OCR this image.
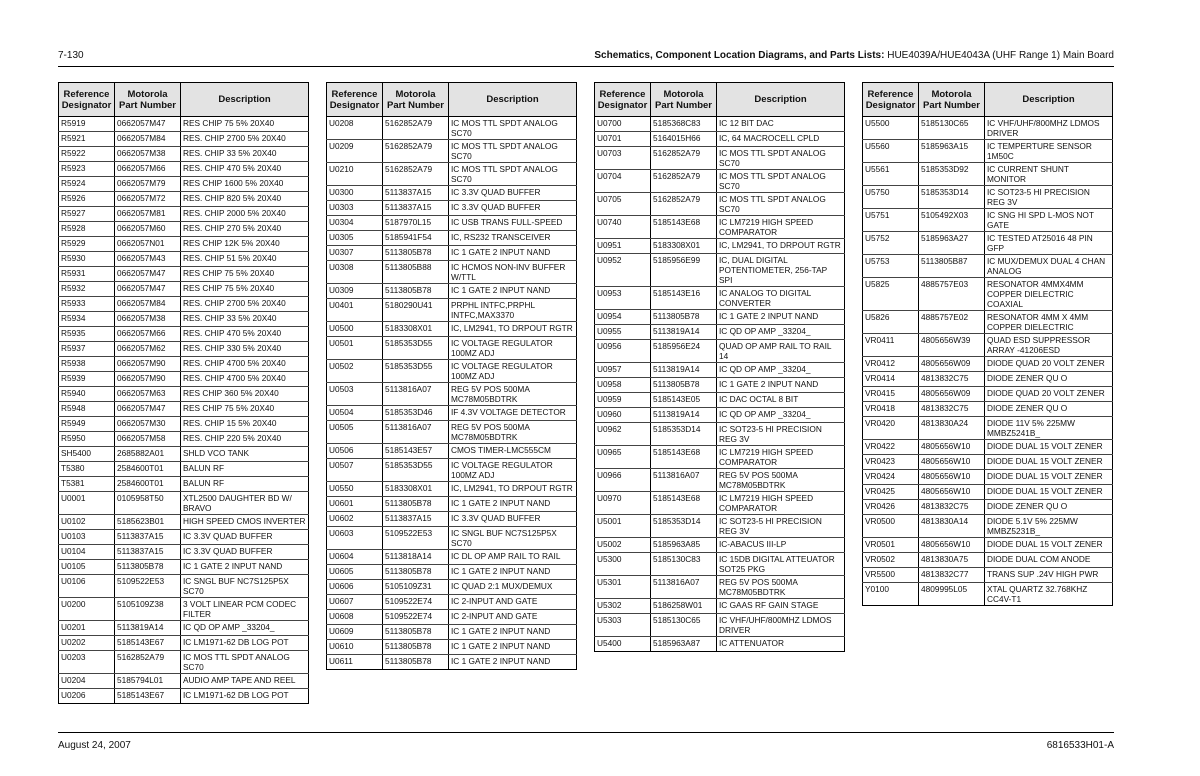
7-130	Schematics, Component Location Diagrams, and Parts Lists: HUE4039A/HUE4043A (UHF Range 1) Main Board
Reference
Designator	Motorola
Part Number	Description
R5919	0662057M47	RES CHIP 75 5% 20X40
R5921	0662057M84	RES. CHIP 2700 5% 20X40
R5922	0662057M38	RES. CHIP 33 5% 20X40
R5923	0662057M66	RES. CHIP 470 5% 20X40
R5924	0662057M79	RES CHIP 1600 5% 20X40
R5926	0662057M72	RES. CHIP 820 5% 20X40
R5927	0662057M81	RES. CHIP 2000 5% 20X40
R5928	0662057M60	RES. CHIP 270 5% 20X40
R5929	0662057N01	RES CHIP 12K 5% 20X40
R5930	0662057M43	RES. CHIP 51 5% 20X40
R5931	0662057M47	RES CHIP 75 5% 20X40
R5932	0662057M47	RES CHIP 75 5% 20X40
R5933	0662057M84	RES. CHIP 2700 5% 20X40
R5934	0662057M38	RES. CHIP 33 5% 20X40
R5935	0662057M66	RES. CHIP 470 5% 20X40
R5937	0662057M62	RES. CHIP 330 5% 20X40
R5938	0662057M90	RES. CHIP 4700 5% 20X40
R5939	0662057M90	RES. CHIP 4700 5% 20X40
R5940	0662057M63	RES CHIP 360 5% 20X40
R5948	0662057M47	RES CHIP 75 5% 20X40
R5949	0662057M30	RES. CHIP 15 5% 20X40
R5950	0662057M58	RES. CHIP 220 5% 20X40
SH5400	2685882A01	SHLD VCO TANK
T5380	2584600T01	BALUN RF
T5381	2584600T01	BALUN RF
U0001	0105958T50	XTL2500 DAUGHTER BD W/ BRAVO
U0102	5185623B01	HIGH SPEED CMOS INVERTER
U0103	5113837A15	IC 3.3V QUAD BUFFER
U0104	5113837A15	IC 3.3V QUAD BUFFER
U0105	5113805B78	IC 1 GATE 2 INPUT NAND
U0106	5109522E53	IC SNGL BUF NC7S125P5X SC70
U0200	5105109Z38	3 VOLT LINEAR PCM CODEC FILTER
U0201	5113819A14	IC QD OP AMP _33204_
U0202	5185143E67	IC LM1971-62 DB LOG POT
U0203	5162852A79	IC MOS TTL SPDT ANALOG SC70
U0204	5185794L01	AUDIO AMP TAPE AND REEL
U0206	5185143E67	IC LM1971-62 DB LOG POT
Reference
Designator	Motorola
Part Number	Description
U0208	5162852A79	IC MOS TTL SPDT ANALOG SC70
U0209	5162852A79	IC MOS TTL SPDT ANALOG SC70
U0210	5162852A79	IC MOS TTL SPDT ANALOG SC70
U0300	5113837A15	IC 3.3V QUAD BUFFER
U0303	5113837A15	IC 3.3V QUAD BUFFER
U0304	5187970L15	IC USB TRANS FULL-SPEED
U0305	5185941F54	IC, RS232 TRANSCEIVER
U0307	5113805B78	IC 1 GATE 2 INPUT NAND
U0308	5113805B88	IC HCMOS NON-INV BUFFER W/TTL
U0309	5113805B78	IC 1 GATE 2 INPUT NAND
U0401	5180290U41	PRPHL INTFC,PRPHL INTFC,MAX3370
U0500	5183308X01	IC, LM2941, TO DRPOUT RGTR
U0501	5185353D55	IC VOLTAGE REGULATOR 100MZ ADJ
U0502	5185353D55	IC VOLTAGE REGULATOR 100MZ ADJ
U0503	5113816A07	REG 5V POS 500MA MC78M05BDTRK
U0504	5185353D46	IF 4.3V VOLTAGE DETECTOR
U0505	5113816A07	REG 5V POS 500MA MC78M05BDTRK
U0506	5185143E57	CMOS TIMER-LMC555CM
U0507	5185353D55	IC VOLTAGE REGULATOR 100MZ ADJ
U0550	5183308X01	IC, LM2941, TO DRPOUT RGTR
U0601	5113805B78	IC 1 GATE 2 INPUT NAND
U0602	5113837A15	IC 3.3V QUAD BUFFER
U0603	5109522E53	IC SNGL BUF NC7S125P5X SC70
U0604	5113818A14	IC DL OP AMP RAIL TO RAIL
U0605	5113805B78	IC 1 GATE 2 INPUT NAND
U0606	5105109Z31	IC QUAD 2:1 MUX/DEMUX
U0607	5109522E74	IC 2-INPUT AND GATE
U0608	5109522E74	IC 2-INPUT AND GATE
U0609	5113805B78	IC 1 GATE 2 INPUT NAND
U0610	5113805B78	IC 1 GATE 2 INPUT NAND
U0611	5113805B78	IC 1 GATE 2 INPUT NAND
Reference
Designator	Motorola
Part Number	Description
U0700	5185368C83	IC 12 BIT DAC
U0701	5164015H66	IC, 64 MACROCELL CPLD
U0703	5162852A79	IC MOS TTL SPDT ANALOG SC70
U0704	5162852A79	IC MOS TTL SPDT ANALOG SC70
U0705	5162852A79	IC MOS TTL SPDT ANALOG SC70
U0740	5185143E68	IC LM7219 HIGH SPEED COMPARATOR
U0951	5183308X01	IC, LM2941, TO DRPOUT RGTR
U0952	5185956E99	IC, DUAL DIGITAL POTENTIOMETER, 256-TAP SPI
U0953	5185143E16	IC ANALOG TO DIGITAL CONVERTER
U0954	5113805B78	IC 1 GATE 2 INPUT NAND
U0955	5113819A14	IC QD OP AMP _33204_
U0956	5185956E24	QUAD OP AMP RAIL TO RAIL 14
U0957	5113819A14	IC QD OP AMP _33204_
U0958	5113805B78	IC 1 GATE 2 INPUT NAND
U0959	5185143E05	IC DAC OCTAL 8 BIT
U0960	5113819A14	IC QD OP AMP _33204_
U0962	5185353D14	IC SOT23-5 HI PRECISION REG 3V
U0965	5185143E68	IC LM7219 HIGH SPEED COMPARATOR
U0966	5113816A07	REG 5V POS 500MA MC78M05BDTRK
U0970	5185143E68	IC LM7219 HIGH SPEED COMPARATOR
U5001	5185353D14	IC SOT23-5 HI PRECISION REG 3V
U5002	5185963A85	IC-ABACUS III-LP
U5300	5185130C83	IC 15DB DIGITAL ATTEUATOR SOT25 PKG
U5301	5113816A07	REG 5V POS 500MA MC78M05BDTRK
U5302	5186258W01	IC GAAS RF GAIN STAGE
U5303	5185130C65	IC VHF/UHF/800MHZ LDMOS DRIVER
U5400	5185963A87	IC ATTENUATOR
Reference
Designator	Motorola
Part Number	Description
U5500	5185130C65	IC VHF/UHF/800MHZ LDMOS DRIVER
U5560	5185963A15	IC TEMPERTURE SENSOR 1M50C
U5561	5185353D92	IC CURRENT SHUNT MONITOR
U5750	5185353D14	IC SOT23-5 HI PRECISION REG 3V
U5751	5105492X03	IC SNG HI SPD L-MOS NOT GATE
U5752	5185963A27	IC TESTED AT25016 48 PIN GFP
U5753	5113805B87	IC MUX/DEMUX DUAL 4 CHAN ANALOG
U5825	4885757E03	RESONATOR 4MMX4MM COPPER DIELECTRIC COAXIAL
U5826	4885757E02	RESONATOR 4MM X 4MM COPPER DIELECTRIC
VR0411	4805656W39	QUAD ESD SUPPRESSOR ARRAY -41206ESD
VR0412	4805656W09	DIODE QUAD 20 VOLT ZENER
VR0414	4813832C75	DIODE ZENER QU O
VR0415	4805656W09	DIODE QUAD 20 VOLT ZENER
VR0418	4813832C75	DIODE ZENER QU O
VR0420	4813830A24	DIODE 11V 5% 225MW MMBZ5241B_
VR0422	4805656W10	DIODE DUAL 15 VOLT ZENER
VR0423	4805656W10	DIODE DUAL 15 VOLT ZENER
VR0424	4805656W10	DIODE DUAL 15 VOLT ZENER
VR0425	4805656W10	DIODE DUAL 15 VOLT ZENER
VR0426	4813832C75	DIODE ZENER QU O
VR0500	4813830A14	DIODE 5.1V 5% 225MW MMBZ5231B_
VR0501	4805656W10	DIODE DUAL 15 VOLT ZENER
VR0502	4813830A75	DIODE DUAL COM ANODE
VR5500	4813832C77	TRANS SUP .24V HIGH PWR
Y0100	4809995L05	XTAL QUARTZ 32.768KHZ CC4V-T1
August 24, 2007	6816533H01-A
